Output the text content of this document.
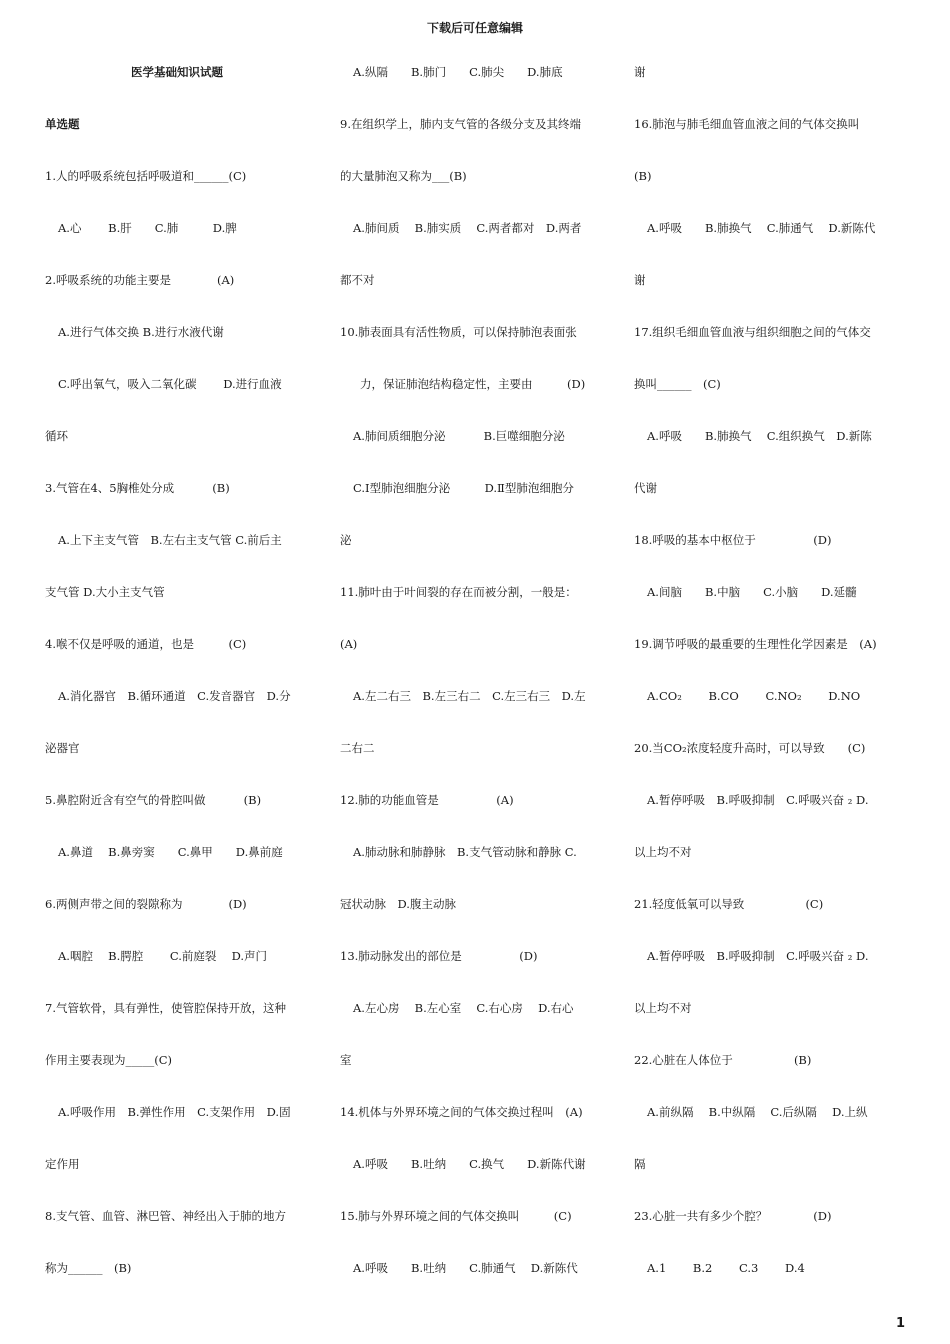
下载后可任意编辑
医学基础知识试题
单选题
1.人的呼吸系统包括呼吸道和______(C)
A.心　　 B.肝　　C.肺　　　D.脾
2.呼吸系统的功能主要是　　　　(A)
A.进行气体交换 B.进行水液代谢
C.呼出氧气，吸入二氧化碳　　 D.进行血液
循环
3.气管在4、5胸椎处分成　　　 (B)
A.上下主支气管　B.左右主支气管 C.前后主
支气管 D.大小主支气管
4.喉不仅是呼吸的通道，也是　　　(C)
A.消化器官　B.循环通道　C.发音器官　D.分
泌器官
5.鼻腔附近含有空气的骨腔叫做　　　 (B)
A.鼻道　 B.鼻旁窦　　C.鼻甲　　D.鼻前庭
6.两侧声带之间的裂隙称为　　　　(D)
A.咽腔　 B.腭腔　　 C.前庭裂　 D.声门
7.气管软骨，具有弹性，使管腔保持开放，这种
作用主要表现为_____(C)
A.呼吸作用　B.弹性作用　C.支架作用　D.固
定作用
8.支气管、血管、淋巴管、神经出入于肺的地方
称为______　(B)
A.纵隔　　B.肺门　　C.肺尖　　D.肺底
9.在组织学上，肺内支气管的各级分支及其终端
的大量肺泡又称为___(B)
A.肺间质　 B.肺实质　 C.两者都对　D.两者
都不对
10.肺表面具有活性物质，可以保持肺泡表面张
力，保证肺泡结构稳定性，主要由　　　(D)
A.肺间质细胞分泌　　　 B.巨噬细胞分泌
C.Ⅰ型肺泡细胞分泌　　　D.Ⅱ型肺泡细胞分
泌
11.肺叶由于叶间裂的存在而被分割，一般是：
(A)
A.左二右三　B.左三右二　C.左三右三　D.左
二右二
12.肺的功能血管是　　　　　(A)
A.肺动脉和肺静脉　B.支气管动脉和静脉 C.
冠状动脉　D.腹主动脉
13.肺动脉发出的部位是　　　　　(D)
A.左心房　 B.左心室　 C.右心房　 D.右心
室
14.机体与外界环境之间的气体交换过程叫　(A)
A.呼吸　　B.吐纳　　C.换气　　D.新陈代谢
15.肺与外界环境之间的气体交换叫　　　(C)
A.呼吸　　B.吐纳　　C.肺通气　 D.新陈代
谢
16.肺泡与肺毛细血管血液之间的气体交换叫
(B)
A.呼吸　　B.肺换气　 C.肺通气　 D.新陈代
谢
17.组织毛细血管血液与组织细胞之间的气体交
换叫______　(C)
A.呼吸　　B.肺换气　 C.组织换气　D.新陈
代谢
18.呼吸的基本中枢位于　　　　　(D)
A.间脑　　B.中脑　　C.小脑　　D.延髓
19.调节呼吸的最重要的生理性化学因素是　(A)
A.CO₂　　 B.CO　　 C.NO₂　　 D.NO
20.当CO₂浓度轻度升高时，可以导致　　(C)
A.暂停呼吸　B.呼吸抑制　C.呼吸兴奋 ₂ D.
以上均不对
21.轻度低氧可以导致　　　　　 (C)
A.暂停呼吸　B.呼吸抑制　C.呼吸兴奋 ₂ D.
以上均不对
22.心脏在人体位于　　　　　 (B)
A.前纵隔　 B.中纵隔　 C.后纵隔　 D.上纵
隔
23.心脏一共有多少个腔？　　　　(D)
A.1　　 B.2　　 C.3　　 D.4
1
